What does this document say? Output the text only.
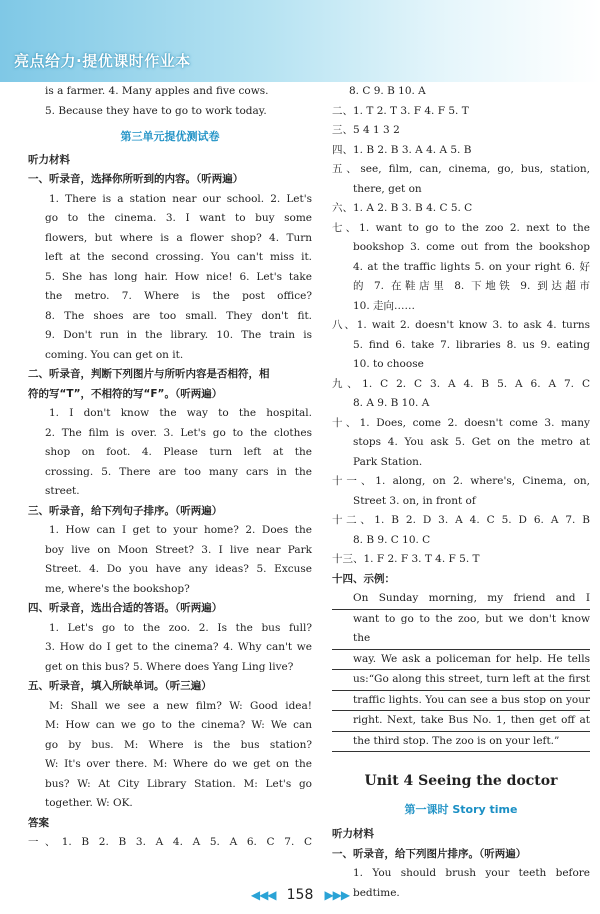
亮点给力·提优课时作业本
is a farmer. 4. Many apples and five cows.
5. Because they have to go to work today.
第三单元提优测试卷
听力材料
一、听录音，选择你所听到的内容。（听两遍）
1. There is a station near our school. 2. Let's
go to the cinema. 3. I want to buy some
flowers, but where is a flower shop? 4. Turn
left at the second crossing. You can't miss it.
5. She has long hair. How nice! 6. Let's take
the metro. 7. Where is the post office?
8. The shoes are too small. They don't fit.
9. Don't run in the library. 10. The train is
coming. You can get on it.
二、听录音，判断下列图片与所听内容是否相符，相
符的写“T”，不相符的写“F”。（听两遍）
1. I don't know the way to the hospital.
2. The film is over. 3. Let's go to the clothes
shop on foot. 4. Please turn left at the
crossing. 5. There are too many cars in the
street.
三、听录音，给下列句子排序。（听两遍）
1. How can I get to your home? 2. Does the
boy live on Moon Street? 3. I live near Park
Street. 4. Do you have any ideas? 5. Excuse
me, where's the bookshop?
四、听录音，选出合适的答语。（听两遍）
1. Let's go to the zoo. 2. Is the bus full?
3. How do I get to the cinema? 4. Why can't we
get on this bus? 5. Where does Yang Ling live?
五、听录音，填入所缺单词。（听三遍）
M: Shall we see a new film? W: Good idea!
M: How can we go to the cinema? W: We can
go by bus. M: Where is the bus station?
W: It's over there. M: Where do we get on the
bus? W: At City Library Station. M: Let's go
together. W: OK.
答案
一、1. B 2. B 3. A 4. A 5. A 6. C 7. C
8. C 9. B 10. A
二、1. T 2. T 3. F 4. F 5. T
三、5 4 1 3 2
四、1. B 2. B 3. A 4. A 5. B
五、see, film, can, cinema, go, bus, station,
there, get on
六、1. A 2. B 3. B 4. C 5. C
七、1. want to go to the zoo 2. next to the
bookshop 3. come out from the bookshop
4. at the traffic lights 5. on your right 6. 好
的 7. 在鞋店里 8. 下地铁 9. 到达超市
10. 走向……
八、1. wait 2. doesn't know 3. to ask 4. turns
5. find 6. take 7. libraries 8. us 9. eating
10. to choose
九、1. C 2. C 3. A 4. B 5. A 6. A 7. C
8. A 9. B 10. A
十、1. Does, come 2. doesn't come 3. many
stops 4. You ask 5. Get on the metro at
Park Station.
十一、1. along, on 2. where's, Cinema, on,
Street 3. on, in front of
十二、1. B 2. D 3. A 4. C 5. D 6. A 7. B
8. B 9. C 10. C
十三、1. F 2. F 3. T 4. F 5. T
十四、示例：
On Sunday morning, my friend and I
want to go to the zoo, but we don't know the
way. We ask a policeman for help. He tells
us:“Go along this street, turn left at the first
traffic lights. You can see a bus stop on your
right. Next, take Bus No. 1, then get off at
the third stop. The zoo is on your left.”
Unit 4 Seeing the doctor
第一课时 Story time
听力材料
一、听录音，给下列图片排序。（听两遍）
1. You should brush your teeth before bedtime.
◀◀◀ 158 ▶▶▶
